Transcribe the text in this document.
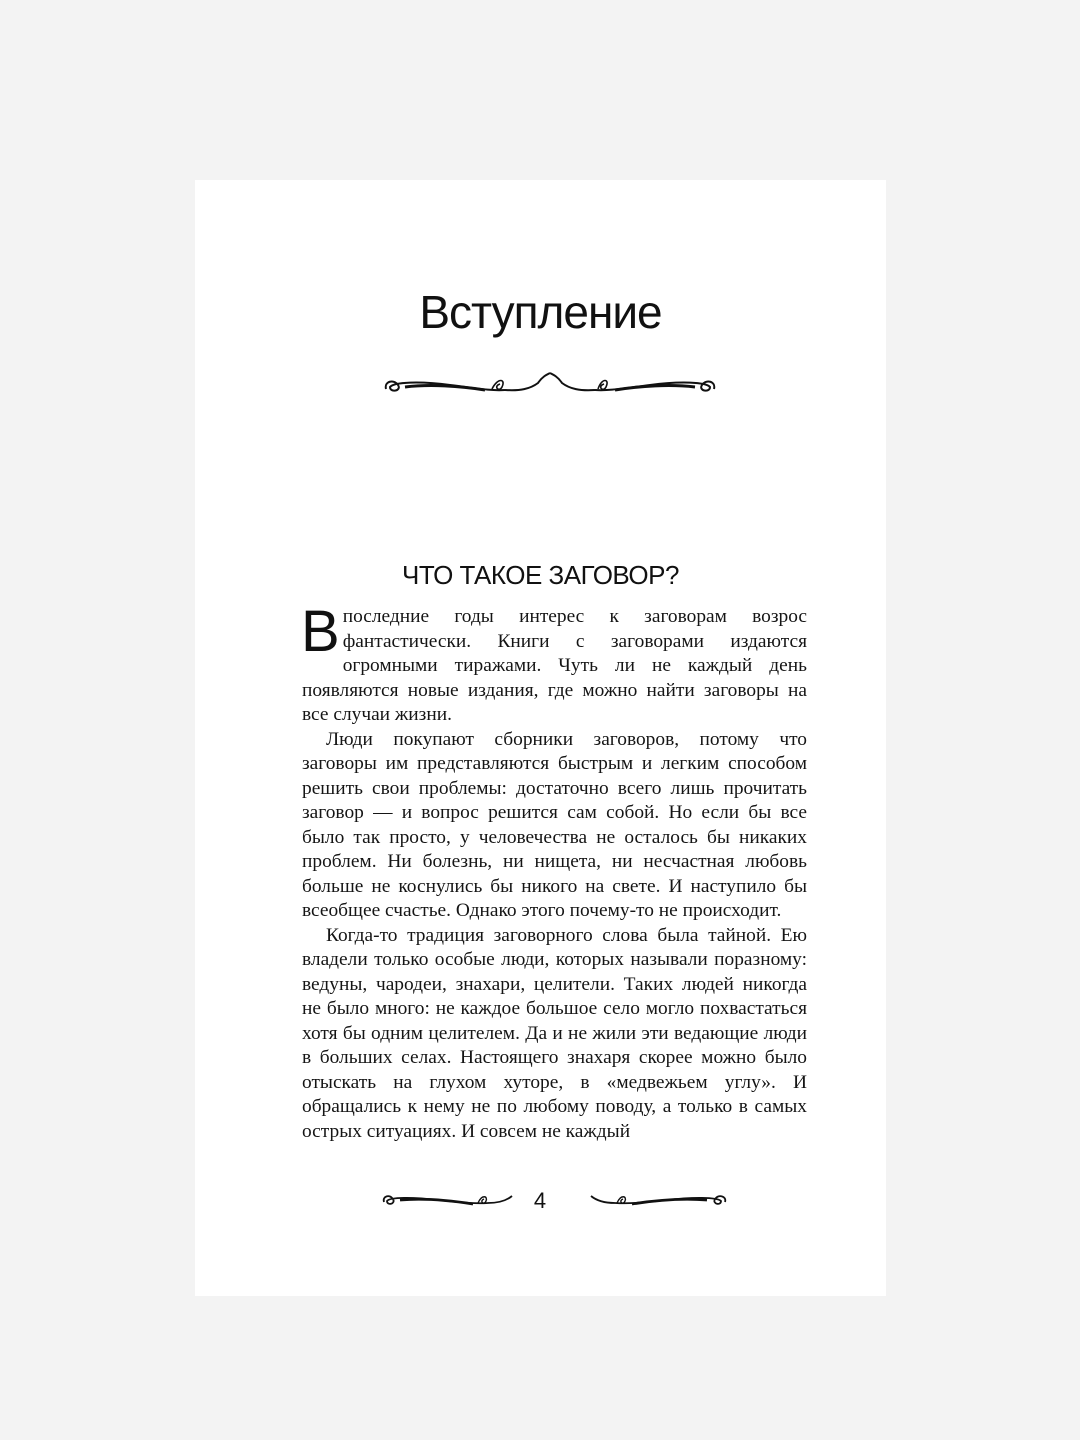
Вступление
ЧТО ТАКОЕ ЗАГОВОР?

Впоследние годы интерес к заговорам возрос фантастически. Книги с заговорами издаются огромными тиражами. Чуть ли не каждый день появляются новые издания, где можно найти заговоры на все случаи жизни.

Люди покупают сборники заговоров, потому что заговоры им представляются быстрым и легким способом решить свои проблемы: достаточно всего лишь прочитать заговор — и вопрос решится сам собой. Но если бы все было так просто, у человечества не осталось бы никаких проблем. Ни болезнь, ни нищета, ни несчастная любовь больше не коснулись бы никого на свете. И наступило бы всеобщее счастье. Однако этого почему-то не происходит.

Когда-то традиция заговорного слова была тайной. Ею владели только особые люди, которых называли поразному: ведуны, чародеи, знахари, целители. Таких людей никогда не было много: не каждое большое село могло похвастаться хотя бы одним целителем. Да и не жили эти ведающие люди в больших селах. Настоящего знахаря скорее можно было отыскать на глухом хуторе, в «медвежьем углу». И обращались к нему не по любому поводу, а только в самых острых ситуациях. И совсем не каждый

4
